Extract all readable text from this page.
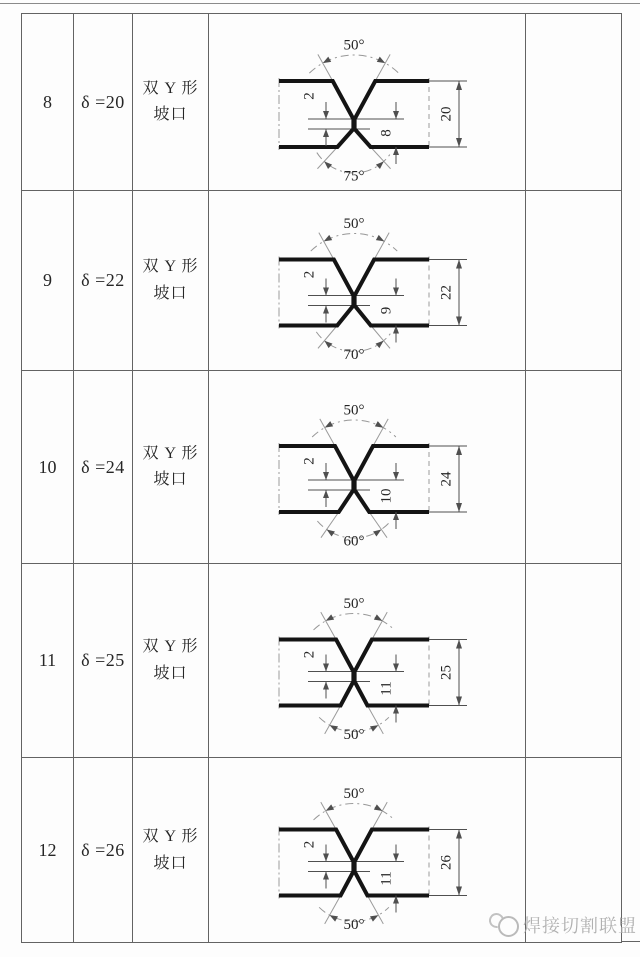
8 δ =20
双 Y 形
坡口
2
8
20
50°
75°
9 δ =22
双 Y 形
坡口
2
9
22
50°
70°
10 δ =24
双 Y 形
坡口
2
10
24
50°
60°
11 δ =25
双 Y 形
坡口
2
11
25
50°
50°
12 δ =26
双 Y 形
坡口
2
11
26
50°
50°	焊接切割联盟
